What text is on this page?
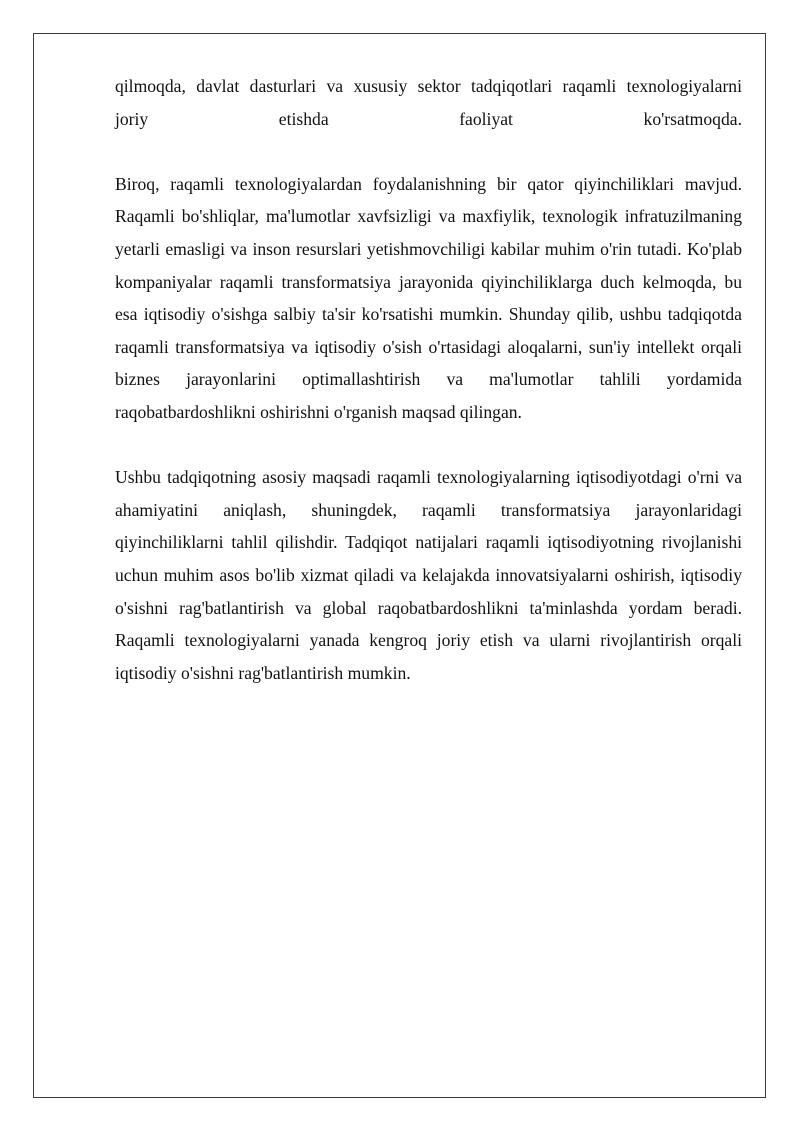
qilmoqda, davlat dasturlari va xususiy sektor tadqiqotlari raqamli texnologiyalarni
joriy	etishda	faoliyat	ko'rsatmoqda.

Biroq, raqamli texnologiyalardan foydalanishning bir qator qiyinchiliklari mavjud. Raqamli bo'shliqlar, ma'lumotlar xavfsizligi va maxfiylik, texnologik infratuzilmaning yetarli emasligi va inson resurslari yetishmovchiligi kabilar muhim o'rin tutadi. Ko'plab kompaniyalar raqamli transformatsiya jarayonida qiyinchiliklarga duch kelmoqda, bu esa iqtisodiy o'sishga salbiy ta'sir ko'rsatishi mumkin. Shunday qilib, ushbu tadqiqotda raqamli transformatsiya va iqtisodiy o'sish o'rtasidagi aloqalarni, sun'iy intellekt orqali biznes jarayonlarini optimallashtirish va ma'lumotlar tahlili yordamida raqobatbardoshlikni oshirishni o'rganish maqsad qilingan.

Ushbu tadqiqotning asosiy maqsadi raqamli texnologiyalarning iqtisodiyotdagi o'rni va ahamiyatini aniqlash, shuningdek, raqamli transformatsiya jarayonlaridagi qiyinchiliklarni tahlil qilishdir. Tadqiqot natijalari raqamli iqtisodiyotning rivojlanishi uchun muhim asos bo'lib xizmat qiladi va kelajakda innovatsiyalarni oshirish, iqtisodiy o'sishni rag'batlantirish va global raqobatbardoshlikni ta'minlashda yordam beradi. Raqamli texnologiyalarni yanada kengroq joriy etish va ularni rivojlantirish orqali iqtisodiy o'sishni rag'batlantirish mumkin.
